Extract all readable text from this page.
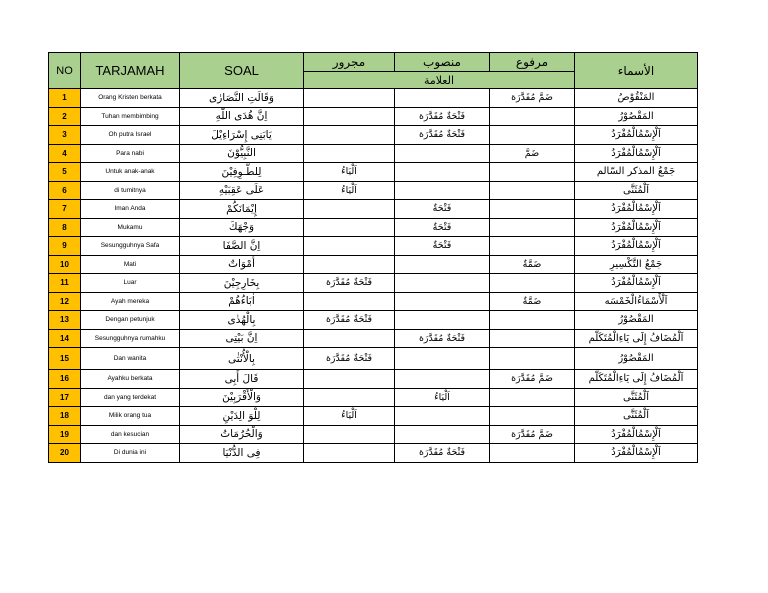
NO	TARJAMAH	SOAL	مجرور	منصوب	مرفوع	الأسماء
			العلامة			
1	Orang Kristen berkata	وَقَالَتِ النَّصَارٰى			ضَمَّ مُقَدَّرَة	المَنْقُوْصُ
2	Tuhan membimbing	اِنَّ هُدَى اللّٰهِ		فَتْحَةٌ مُقَدَّرَة		المَقْصُوْرُ
3	Oh putra Israel	يَابَنِى إِسْرَاءِيْلَ		فَتْحَةٌ مُقَدَّرَة		اَلْإِسْمُالْمُفْرَدُ
4	Para nabi	النَّبِيُّوْنَ			ضَمَّ	اَلْإِسْمُالْمُفْرَدُ
5	Untuk anak-anak	لِلطَّـوِفِيْنَ	اَلْيَاءُ			جَمْعُ المذكر السّالم
6	di tumitnya	عَلَى عَقِبَيْهِ	اَلْيَاءُ			اَلْمُثَنَّى
7	Iman Anda	إِيْمَانَكُمْ		فَتْحَةٌ		اَلْإِسْمُالْمُفْرَدُ
8	Mukamu	وَجْهَكَ		فَتْحَةٌ		اَلْإِسْمُالْمُفْرَدُ
9	Sesungguhnya Safa	اِنَّ الصَّفَا		فَتْحَةٌ		اَلْإِسْمُالْمُفْرَدُ
10	Mati	أَمْوَاتٌ			ضَمَّةٌ	جَمْعُ التَّكْسِيرِ
11	Luar	بِخَارِجِيْنَ	فَتْحَةٌ مُقَدَّرَة			اَلْإِسْمُالْمُفْرَدُ
12	Ayah mereka	اٰبَاءُهُمْ			ضَمَّةٌ	اَلْأَسْمَاءُالْخَمْسَه
13	Dengan petunjuk	بِالْهُدٰى	فَتْحَةٌ مُقَدَّرَة			المَقْصُوْرُ
14	Sesungguhnya rumahku	اِنَّ بَيْتِى		فَتْحَةٌ مُقَدَّرَة		اَلْمُضَافُ إِلَى يَاءِالْمُتَكَلَّم
15	Dan wanita	بِالْأُنْثٰى	فَتْحَةٌ مُقَدَّرَة			المَقْصُوْرُ
16	Ayahku berkata	قَالَ أَبِى			ضَمَّ مُقَدَّرَة	اَلْمُضَافُ إِلَى يَاءِالْمُتَكَلَّم
17	dan yang terdekat	وَالْأَقْرَبِيْنَ		اَلْيَاءُ		اَلْمُثَنَّى
18	Milik orang tua	لِلْوَ الِدَيْنِ	اَلْيَاءُ			اَلْمُثَنَّى
19	dan kesucian	وَالْحُرُمَاتُ			ضَمَّ مُقَدَّرَة	اَلْإِسْمُالْمُفْرَدُ
20	Di dunia ini	فِى الدُّنْيَا		فَتْحَةٌ مُقَدَّرَة		اَلْإِسْمُالْمُفْرَدُ
